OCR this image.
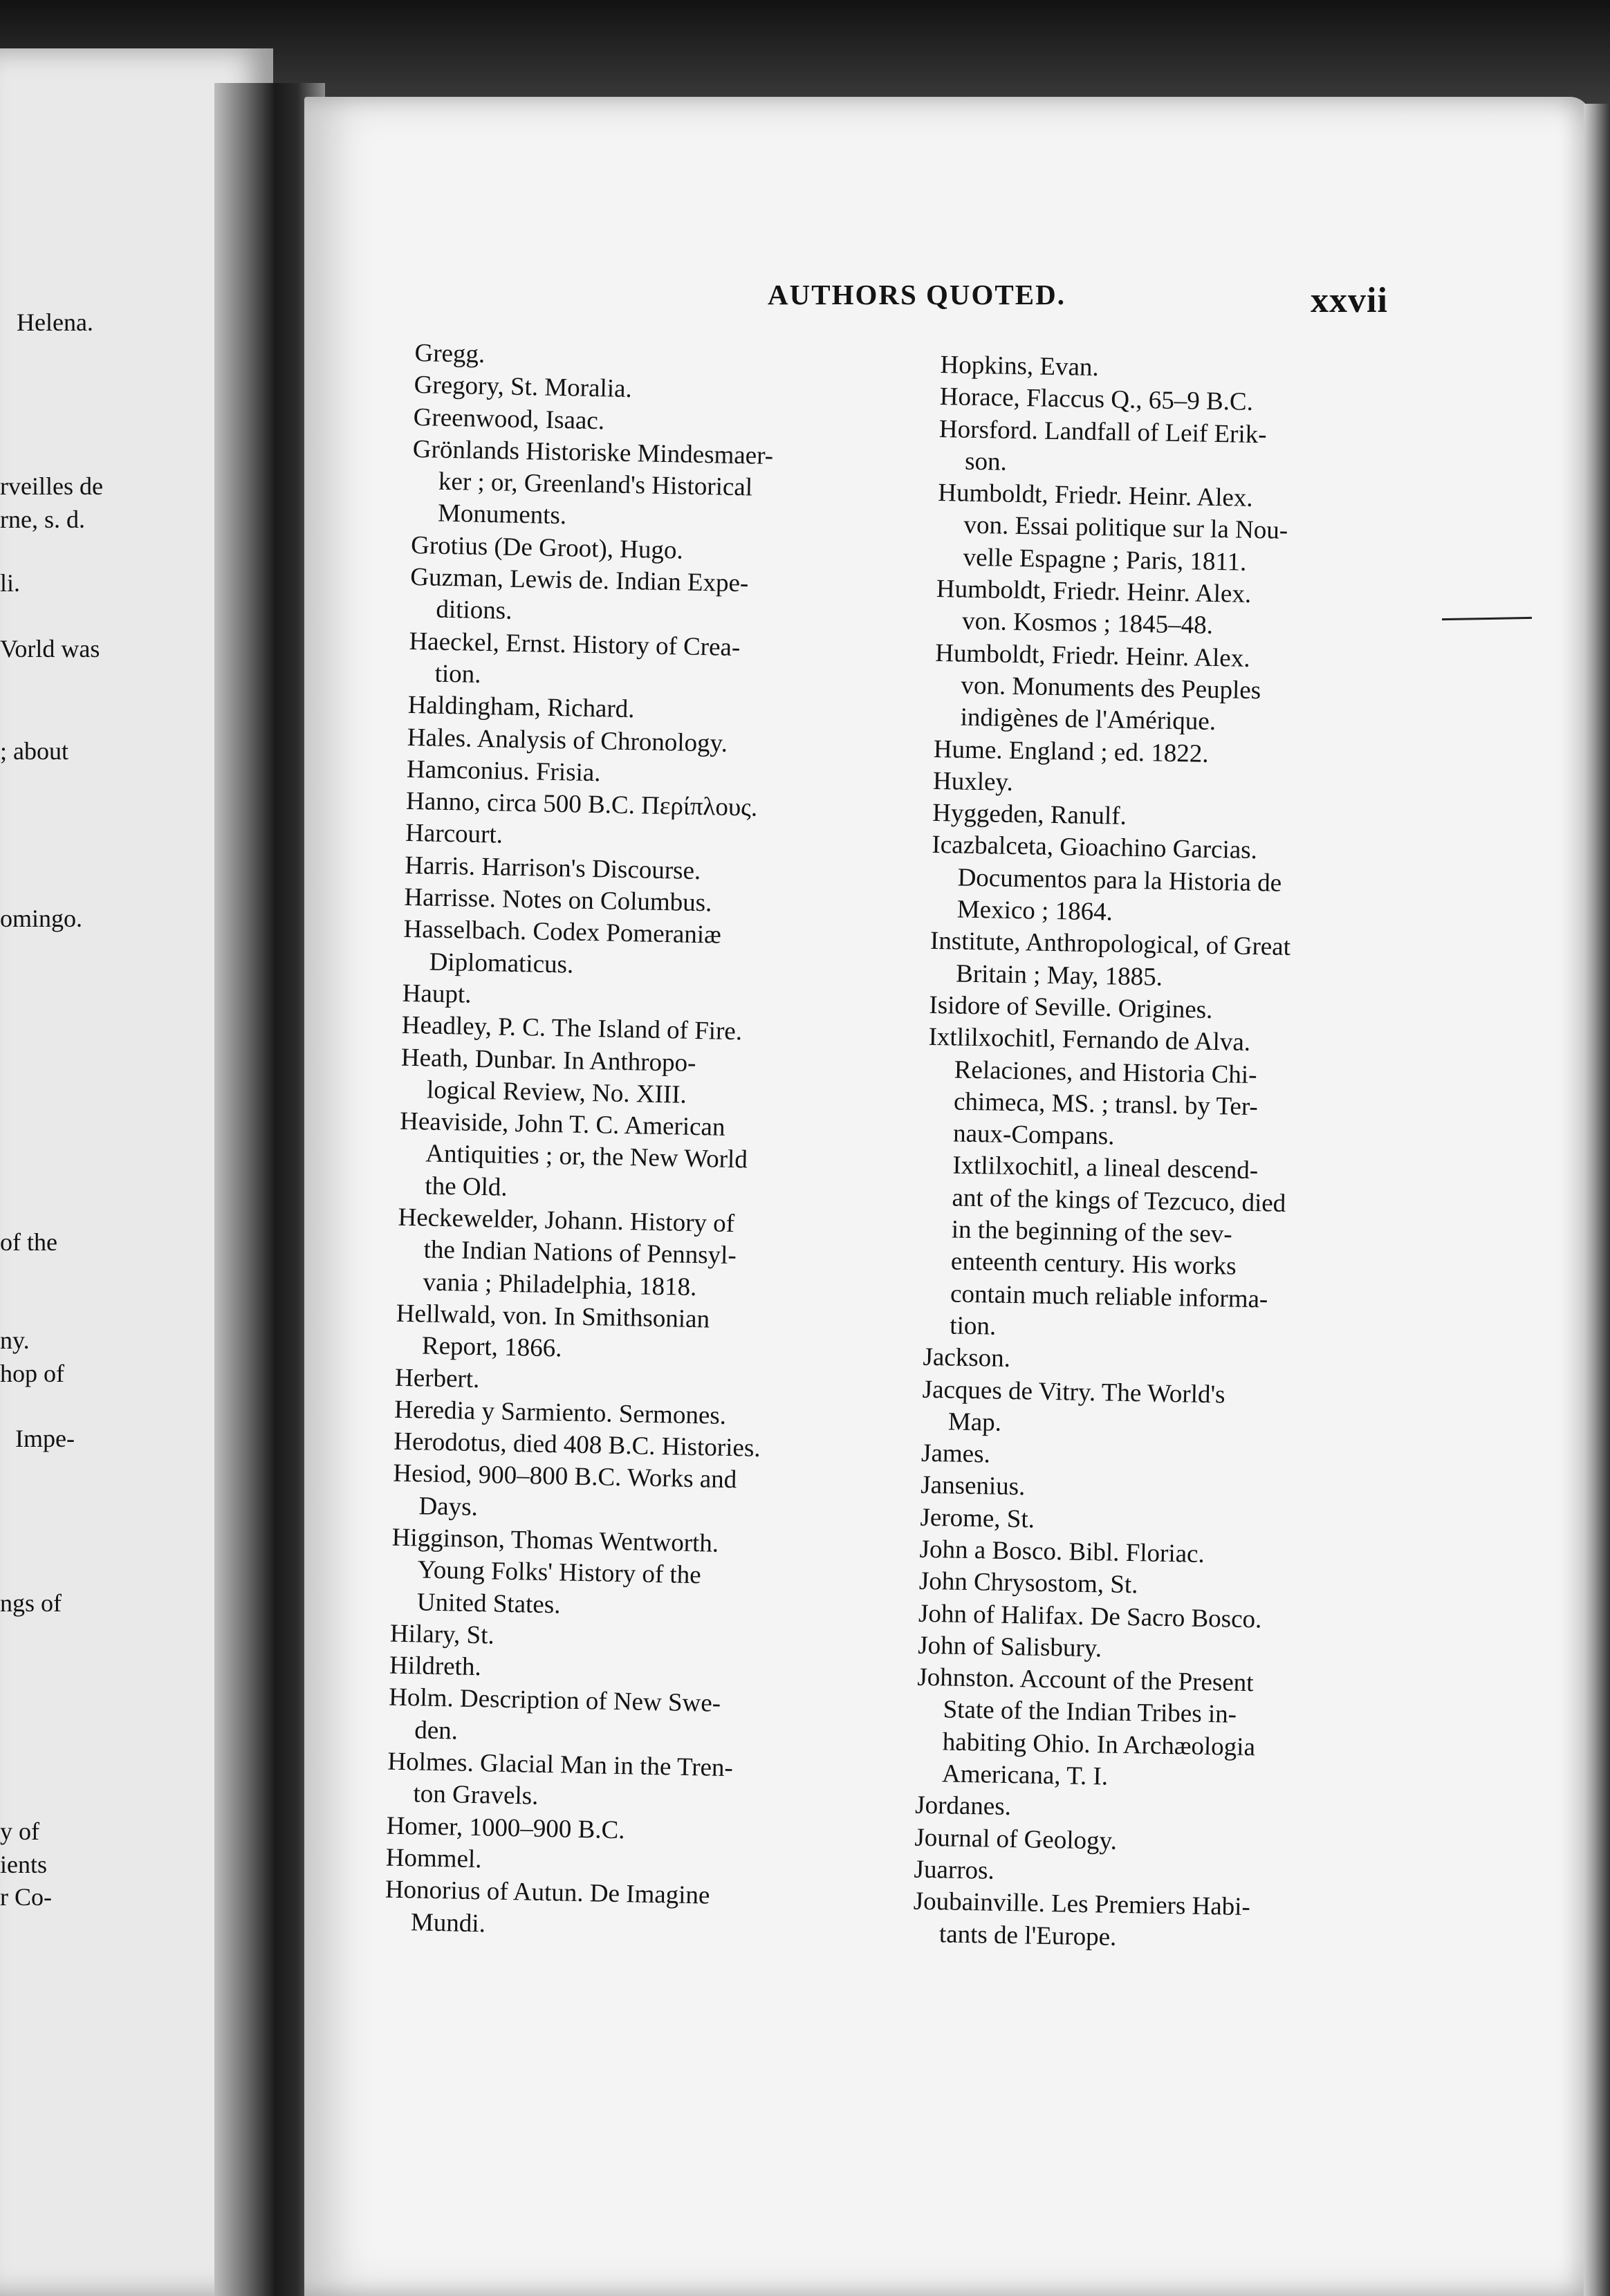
Helena.
rveilles de
rne, s. d.
li.
Vorld was
; about
omingo.
of the
ny.
hop of
Impe-
ngs of
y of
ients
r Co-
AUTHORS QUOTED.	xxvii
Gregg.
Gregory, St. Moralia.
Greenwood, Isaac.
Grönlands Historiske Mindesmaer-
ker ; or, Greenland's Historical
Monuments.
Grotius (De Groot), Hugo.
Guzman, Lewis de. Indian Expe-
ditions.
Haeckel, Ernst. History of Crea-
tion.
Haldingham, Richard.
Hales. Analysis of Chronology.
Hamconius. Frisia.
Hanno, circa 500 B.C. Περίπλους.
Harcourt.
Harris. Harrison's Discourse.
Harrisse. Notes on Columbus.
Hasselbach. Codex Pomeraniæ
Diplomaticus.
Haupt.
Headley, P. C. The Island of Fire.
Heath, Dunbar. In Anthropo-
logical Review, No. XIII.
Heaviside, John T. C. American
Antiquities ; or, the New World
the Old.
Heckewelder, Johann. History of
the Indian Nations of Pennsyl-
vania ; Philadelphia, 1818.
Hellwald, von. In Smithsonian
Report, 1866.
Herbert.
Heredia y Sarmiento. Sermones.
Herodotus, died 408 B.C. Histories.
Hesiod, 900–800 B.C. Works and
Days.
Higginson, Thomas Wentworth.
Young Folks' History of the
United States.
Hilary, St.
Hildreth.
Holm. Description of New Swe-
den.
Holmes. Glacial Man in the Tren-
ton Gravels.
Homer, 1000–900 B.C.
Hommel.
Honorius of Autun. De Imagine
Mundi.
Hopkins, Evan.
Horace, Flaccus Q., 65–9 B.C.
Horsford. Landfall of Leif Erik-
son.
Humboldt, Friedr. Heinr. Alex.
von. Essai politique sur la Nou-
velle Espagne ; Paris, 1811.
Humboldt, Friedr. Heinr. Alex.
von. Kosmos ; 1845–48.
Humboldt, Friedr. Heinr. Alex.
von. Monuments des Peuples
indigènes de l'Amérique.
Hume. England ; ed. 1822.
Huxley.
Hyggeden, Ranulf.
Icazbalceta, Gioachino Garcias.
Documentos para la Historia de
Mexico ; 1864.
Institute, Anthropological, of Great
Britain ; May, 1885.
Isidore of Seville. Origines.
Ixtlilxochitl, Fernando de Alva.
Relaciones, and Historia Chi-
chimeca, MS. ; transl. by Ter-
naux-Compans.
Ixtlilxochitl, a lineal descend-
ant of the kings of Tezcuco, died
in the beginning of the sev-
enteenth century. His works
contain much reliable informa-
tion.
Jackson.
Jacques de Vitry. The World's
Map.
James.
Jansenius.
Jerome, St.
John a Bosco. Bibl. Floriac.
John Chrysostom, St.
John of Halifax. De Sacro Bosco.
John of Salisbury.
Johnston. Account of the Present
State of the Indian Tribes in-
habiting Ohio. In Archæologia
Americana, T. I.
Jordanes.
Journal of Geology.
Juarros.
Joubainville. Les Premiers Habi-
tants de l'Europe.
